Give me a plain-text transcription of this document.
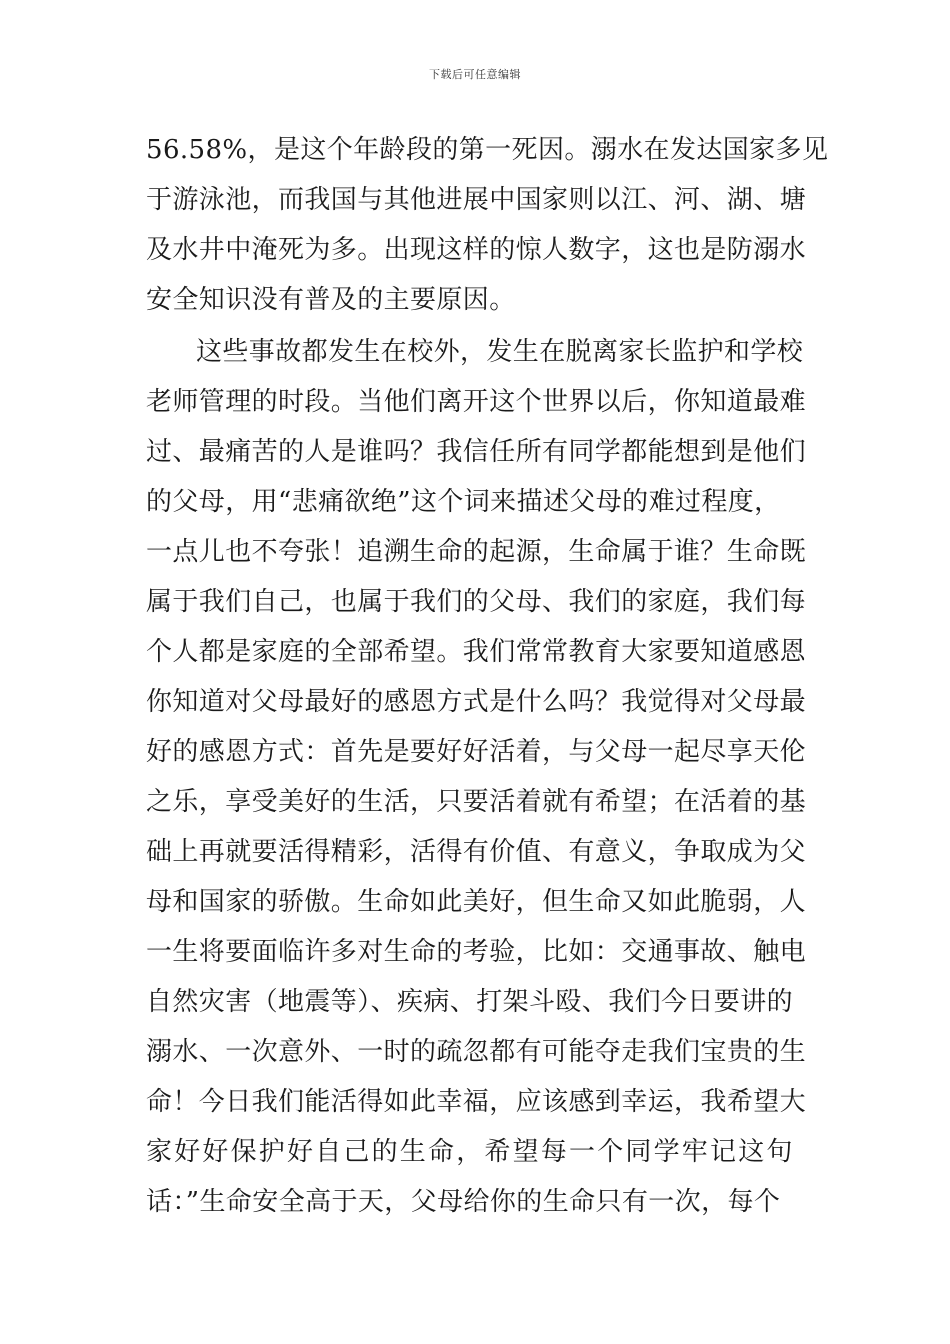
下载后可任意编辑
56.58%，是这个年龄段的第一死因。溺水在发达国家多见
于游泳池，而我国与其他进展中国家则以江、河、湖、塘
及水井中淹死为多。出现这样的惊人数字，这也是防溺水
安全知识没有普及的主要原因。
这些事故都发生在校外，发生在脱离家长监护和学校
老师管理的时段。当他们离开这个世界以后，你知道最难
过、最痛苦的人是谁吗？我信任所有同学都能想到是他们
的父母，用“悲痛欲绝”这个词来描述父母的难过程度，
一点儿也不夸张！追溯生命的起源，生命属于谁？生命既
属于我们自己，也属于我们的父母、我们的家庭，我们每
个人都是家庭的全部希望。我们常常教育大家要知道感恩
你知道对父母最好的感恩方式是什么吗？我觉得对父母最
好的感恩方式：首先是要好好活着，与父母一起尽享天伦
之乐，享受美好的生活，只要活着就有希望；在活着的基
础上再就要活得精彩，活得有价值、有意义，争取成为父
母和国家的骄傲。生命如此美好，但生命又如此脆弱，人
一生将要面临许多对生命的考验，比如：交通事故、触电
自然灾害（地震等）、疾病、打架斗殴、我们今日要讲的
溺水、一次意外、一时的疏忽都有可能夺走我们宝贵的生
命！今日我们能活得如此幸福，应该感到幸运，我希望大
家好好保护好自己的生命，希望每一个同学牢记这句
话：”生命安全高于天，父母给你的生命只有一次，每个
